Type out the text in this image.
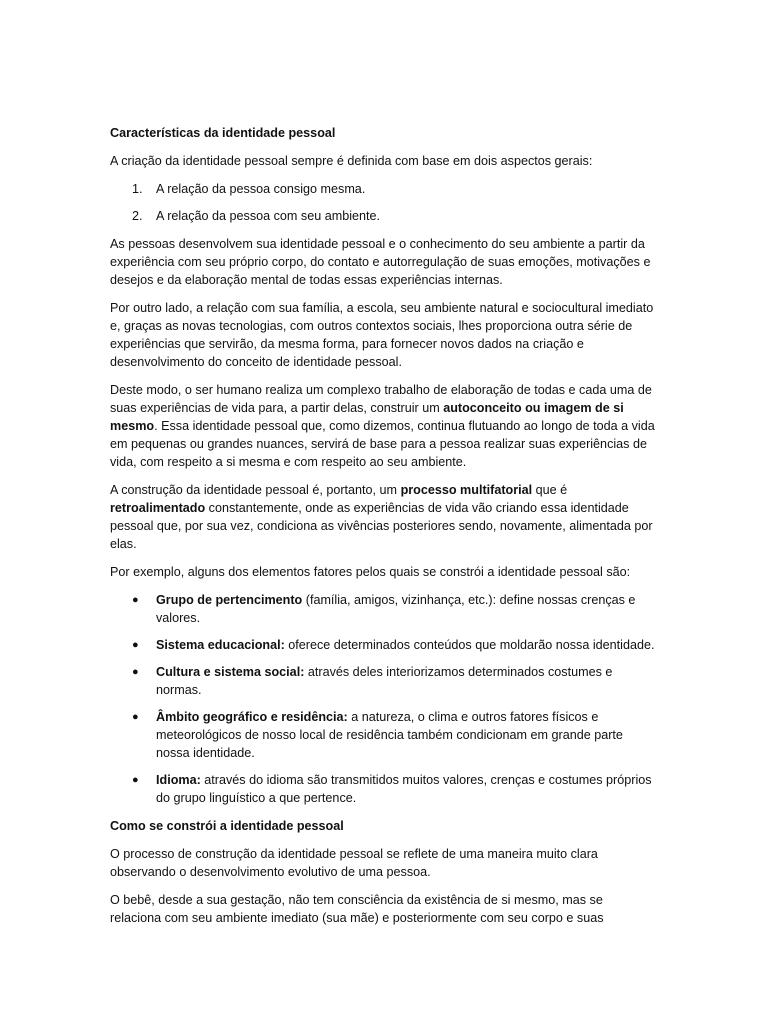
Características da identidade pessoal

A criação da identidade pessoal sempre é definida com base em dois aspectos gerais:

1. A relação da pessoa consigo mesma.
2. A relação da pessoa com seu ambiente.

As pessoas desenvolvem sua identidade pessoal e o conhecimento do seu ambiente a partir da experiência com seu próprio corpo, do contato e autorregulação de suas emoções, motivações e desejos e da elaboração mental de todas essas experiências internas.

Por outro lado, a relação com sua família, a escola, seu ambiente natural e sociocultural imediato e, graças as novas tecnologias, com outros contextos sociais, lhes proporciona outra série de experiências que servirão, da mesma forma, para fornecer novos dados na criação e desenvolvimento do conceito de identidade pessoal.

Deste modo, o ser humano realiza um complexo trabalho de elaboração de todas e cada uma de suas experiências de vida para, a partir delas, construir um autoconceito ou imagem de si mesmo. Essa identidade pessoal que, como dizemos, continua flutuando ao longo de toda a vida em pequenas ou grandes nuances, servirá de base para a pessoa realizar suas experiências de vida, com respeito a si mesma e com respeito ao seu ambiente.

A construção da identidade pessoal é, portanto, um processo multifatorial que é retroalimentado constantemente, onde as experiências de vida vão criando essa identidade pessoal que, por sua vez, condiciona as vivências posteriores sendo, novamente, alimentada por elas.

Por exemplo, alguns dos elementos fatores pelos quais se constrói a identidade pessoal são:

● Grupo de pertencimento (família, amigos, vizinhança, etc.): define nossas crenças e valores.
● Sistema educacional: oferece determinados conteúdos que moldarão nossa identidade.
● Cultura e sistema social: através deles interiorizamos determinados costumes e normas.
● Âmbito geográfico e residência: a natureza, o clima e outros fatores físicos e meteorológicos de nosso local de residência também condicionam em grande parte nossa identidade.
● Idioma: através do idioma são transmitidos muitos valores, crenças e costumes próprios do grupo linguístico a que pertence.
Como se constrói a identidade pessoal

O processo de construção da identidade pessoal se reflete de uma maneira muito clara observando o desenvolvimento evolutivo de uma pessoa.

O bebê, desde a sua gestação, não tem consciência da existência de si mesmo, mas se relaciona com seu ambiente imediato (sua mãe) e posteriormente com seu corpo e suas
